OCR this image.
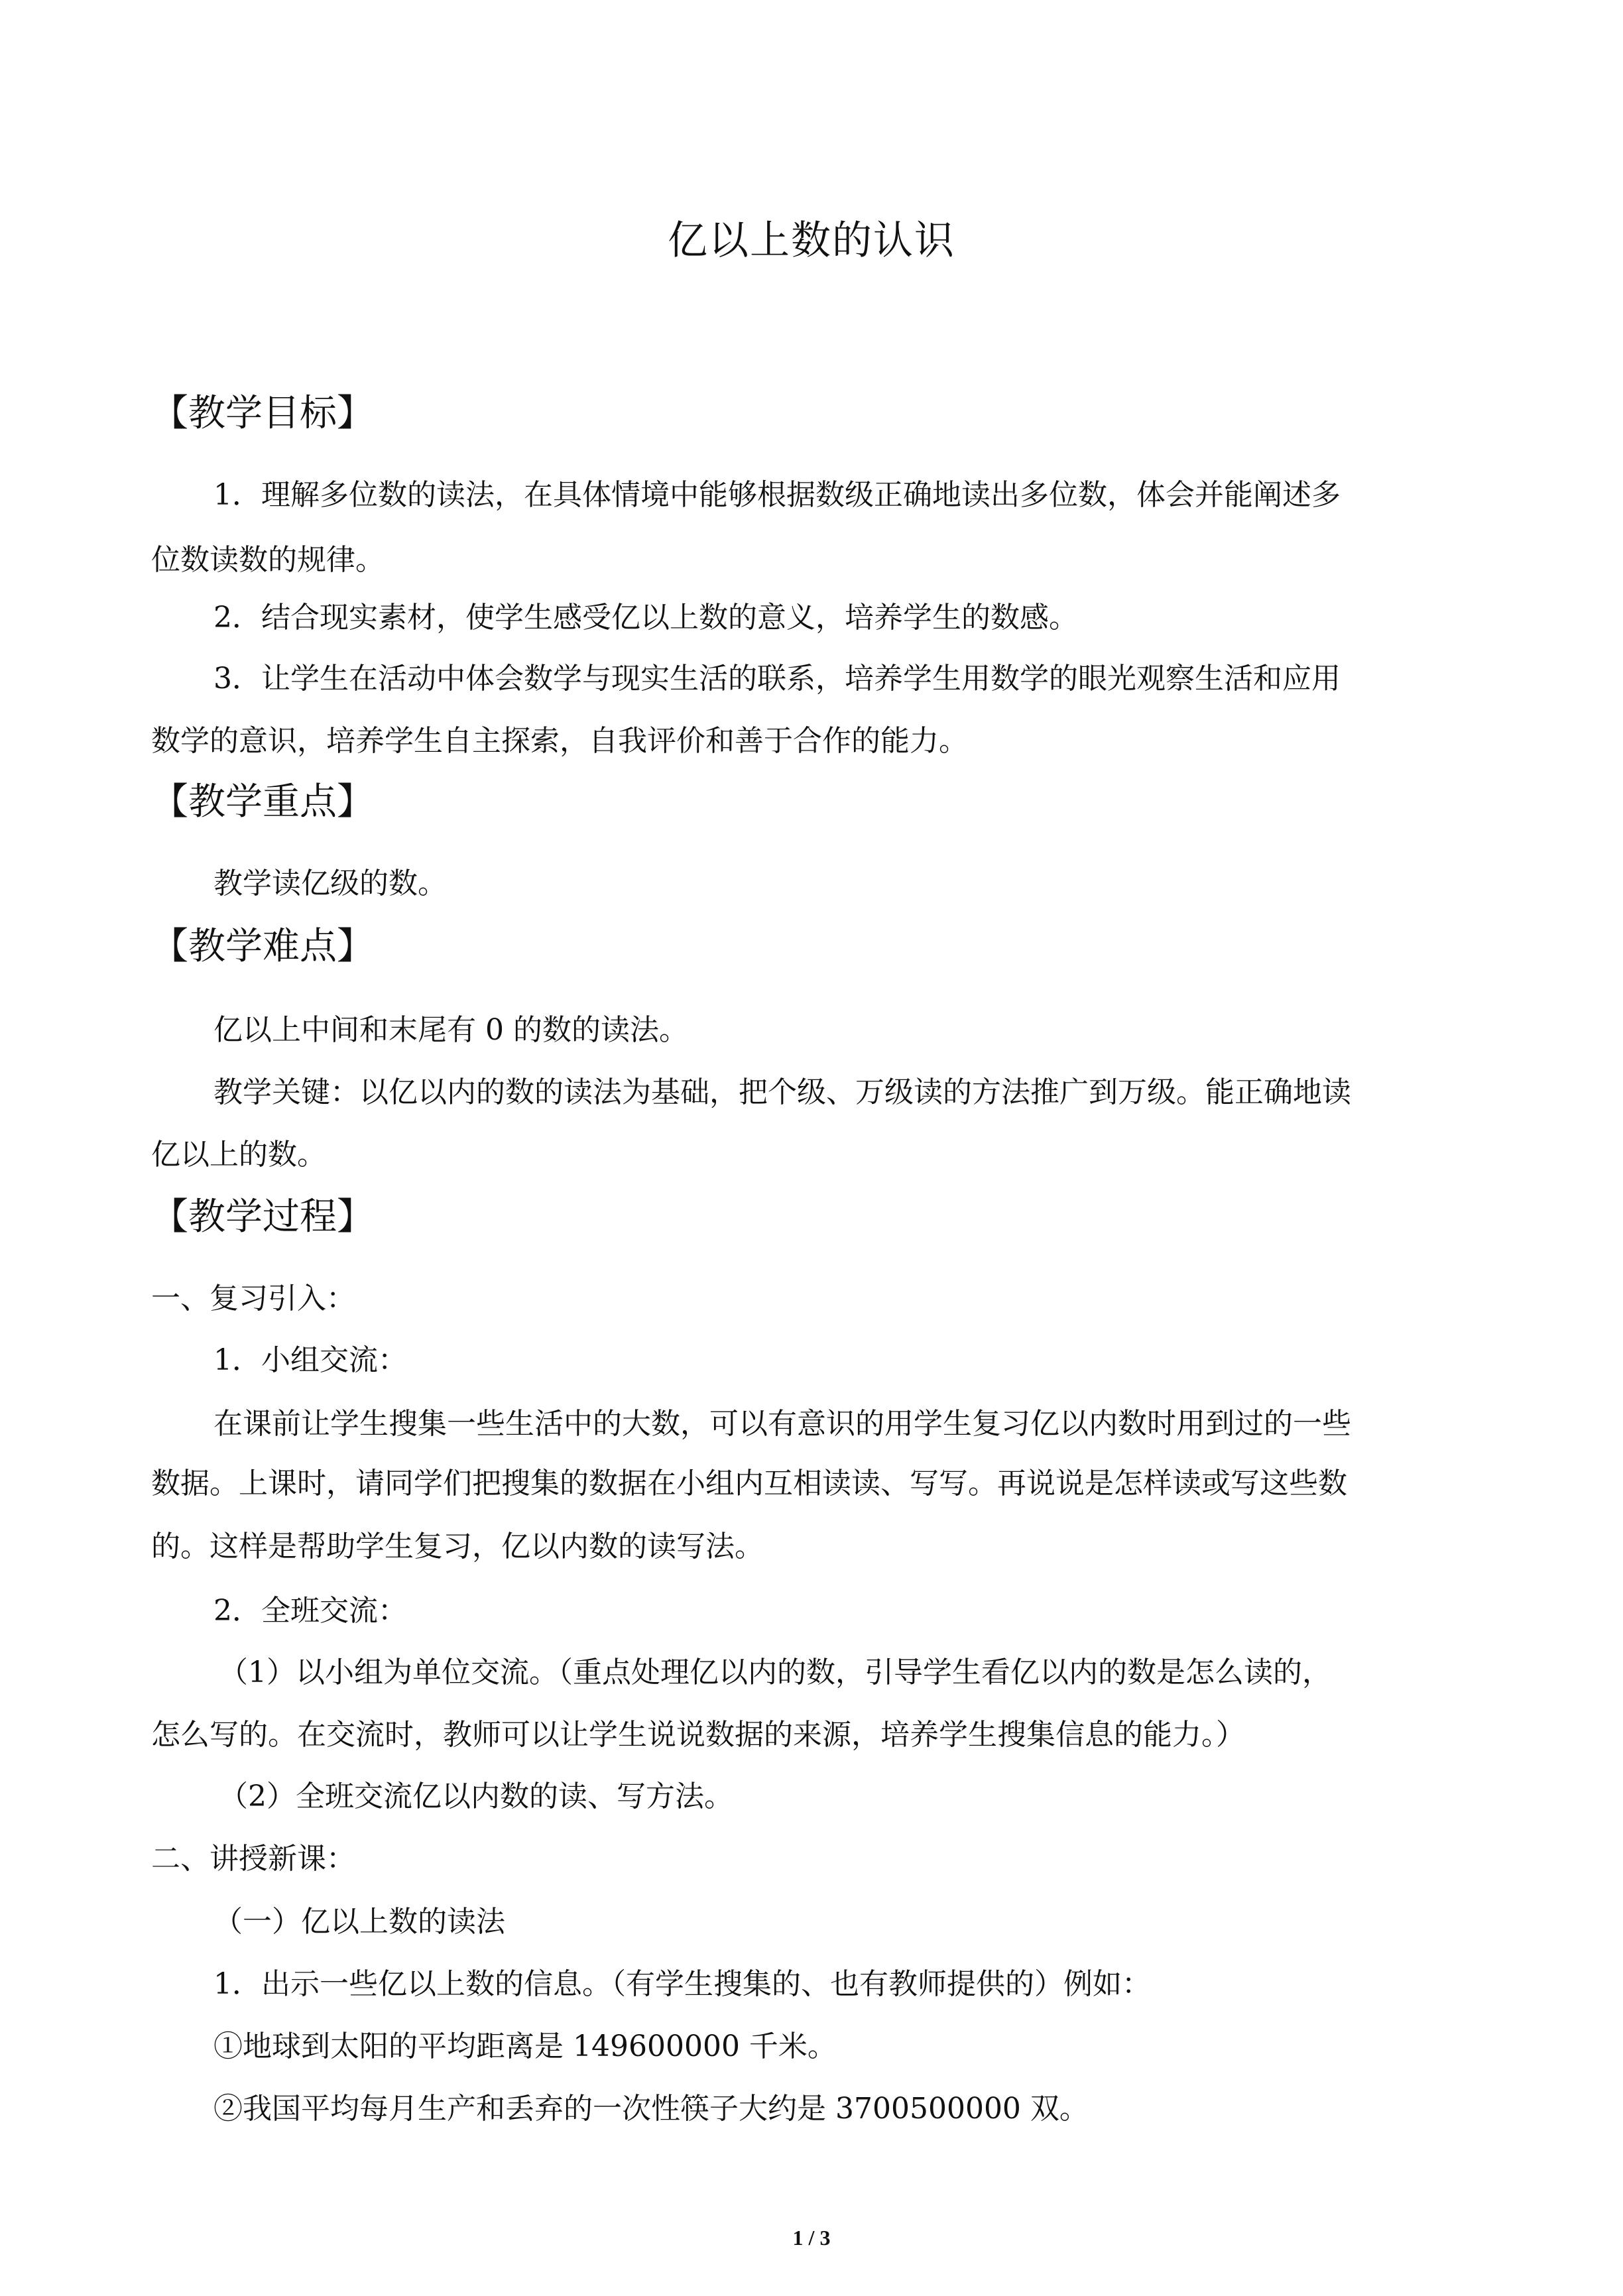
亿以上数的认识
【教学目标】
1．理解多位数的读法，在具体情境中能够根据数级正确地读出多位数，体会并能阐述多
位数读数的规律。
2．结合现实素材，使学生感受亿以上数的意义，培养学生的数感。
3．让学生在活动中体会数学与现实生活的联系，培养学生用数学的眼光观察生活和应用
数学的意识，培养学生自主探索，自我评价和善于合作的能力。
【教学重点】
教学读亿级的数。
【教学难点】
亿以上中间和末尾有 0 的数的读法。
教学关键：以亿以内的数的读法为基础，把个级、万级读的方法推广到万级。能正确地读
亿以上的数。
【教学过程】
一、复习引入：
1．小组交流：
在课前让学生搜集一些生活中的大数，可以有意识的用学生复习亿以内数时用到过的一些
数据。上课时，请同学们把搜集的数据在小组内互相读读、写写。再说说是怎样读或写这些数
的。这样是帮助学生复习，亿以内数的读写法。
2．全班交流：
（1）以小组为单位交流。（重点处理亿以内的数，引导学生看亿以内的数是怎么读的，
怎么写的。在交流时，教师可以让学生说说数据的来源，培养学生搜集信息的能力。）
（2）全班交流亿以内数的读、写方法。
二、讲授新课：
（一）亿以上数的读法
1．出示一些亿以上数的信息。（有学生搜集的、也有教师提供的）例如：
①地球到太阳的平均距离是 149600000 千米。
②我国平均每月生产和丢弃的一次性筷子大约是 3700500000 双。
1 / 3
